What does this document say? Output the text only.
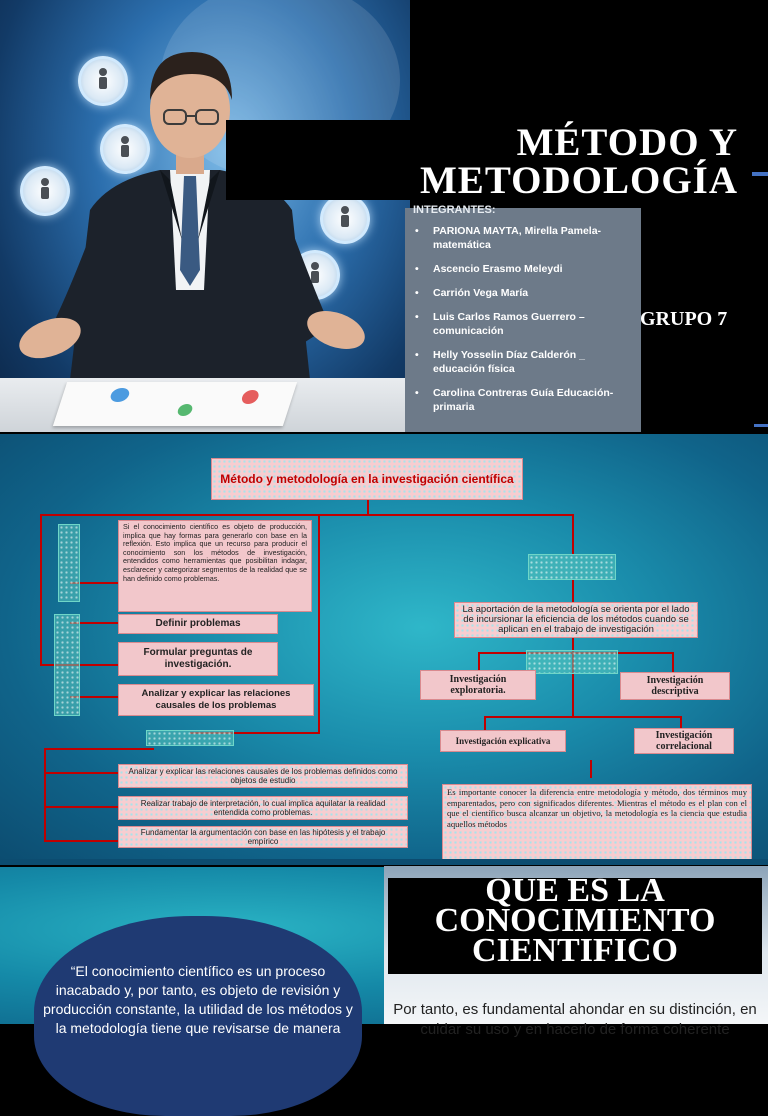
MÉTODO Y
METODOLOGÍA
INTEGRANTES:
• PARIONA MAYTA, Mirella Pamela-matemática
• Ascencio Erasmo Meleydi
• Carrión Vega María
• Luis Carlos Ramos Guerrero –comunicación
• Helly Yosselin Díaz Calderón _ educación física
• Carolina Contreras Guía Educación-primaria
GRUPO 7
Método y metodología en la investigación científica
Si el conocimiento científico es objeto de producción, implica que hay formas para generarlo con base en la reflexión. Esto implica que un recurso para producir el conocimiento son los métodos de investigación, entendidos como herramientas que posibilitan indagar, esclarecer y categorizar segmentos de la realidad que se han definido como problemas.
Definir problemas
Formular preguntas de investigación.
Analizar y explicar las relaciones causales de los problemas
Analizar y explicar las relaciones causales de los problemas definidos como objetos de estudio
Realizar trabajo de interpretación, lo cual implica aquilatar la realidad entendida como problemas.
Fundamentar la argumentación con base en las hipótesis y el trabajo empírico
La aportación de la metodología se orienta por el lado de incursionar la eficiencia de los métodos cuando se aplican en el trabajo de investigación
Investigación exploratoria.
Investigación descriptiva
Investigación explicativa	Investigación correlacional
Es importante conocer la diferencia entre metodología y método, dos términos muy emparentados, pero con significados diferentes. Mientras el método es el plan con el que el científico busca alcanzar un objetivo, la metodología es la ciencia que estudia aquellos métodos

“El conocimiento científico es un proceso inacabado y, por tanto, es objeto de revisión y producción constante, la utilidad de los métodos y la metodología tiene que revisarse de manera

QUE ES LA CONOCIMIENTO CIENTIFICO

Por tanto, es fundamental ahondar en su distinción, en cuidar su uso y en hacerlo de forma coherente
